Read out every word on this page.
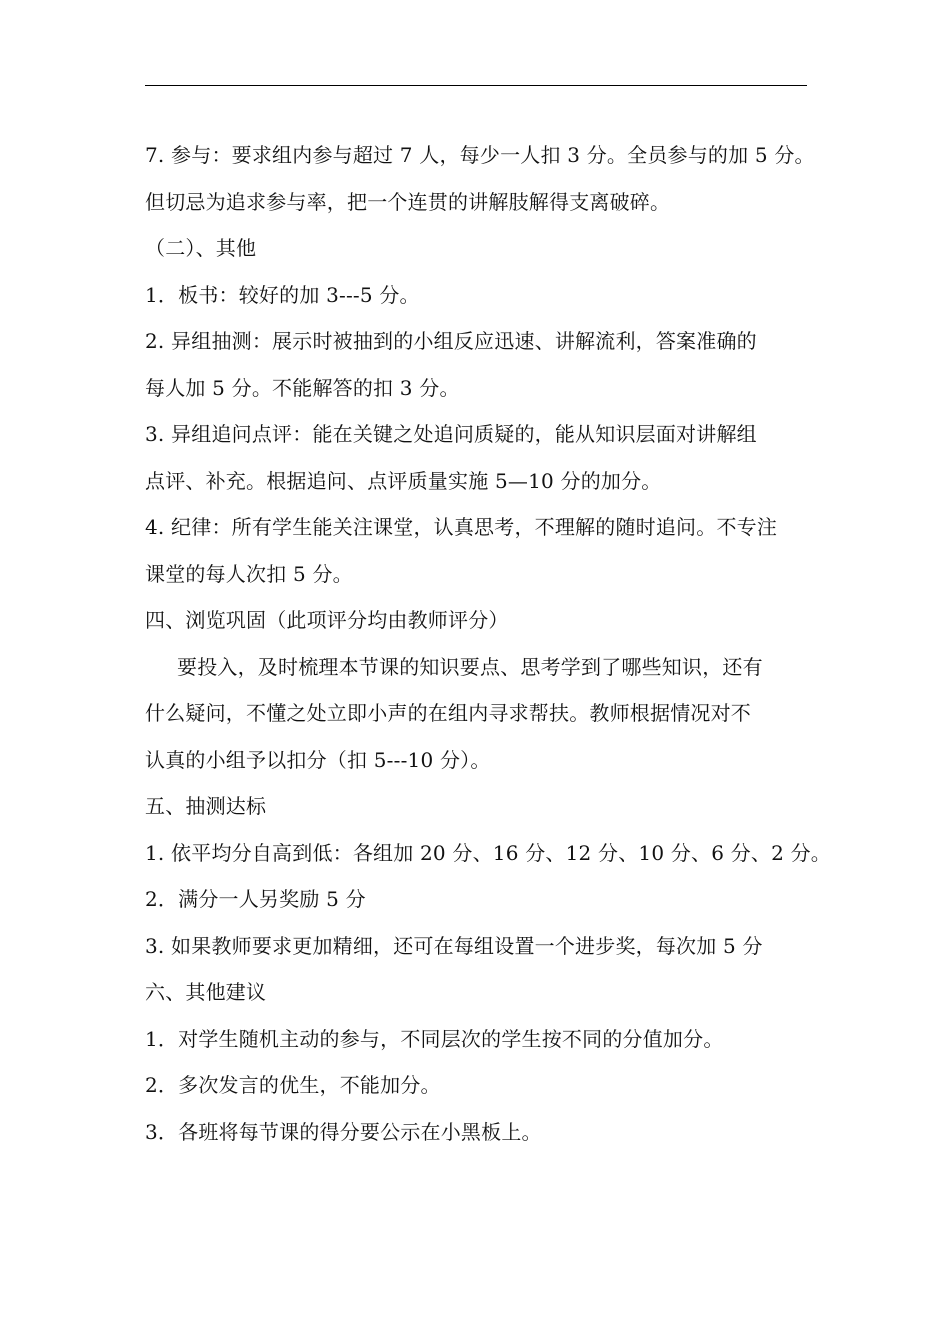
7. 参与：要求组内参与超过 7 人，每少一人扣 3 分。全员参与的加 5 分。
但切忌为追求参与率，把一个连贯的讲解肢解得支离破碎。
（二）、其他
1．板书：较好的加 3---5 分。
2. 异组抽测：展示时被抽到的小组反应迅速、讲解流利，答案准确的
每人加 5 分。不能解答的扣 3 分。
3. 异组追问点评：能在关键之处追问质疑的，能从知识层面对讲解组
点评、补充。根据追问、点评质量实施 5—10 分的加分。
4. 纪律：所有学生能关注课堂，认真思考，不理解的随时追问。不专注
课堂的每人次扣 5 分。
四、浏览巩固（此项评分均由教师评分）
要投入，及时梳理本节课的知识要点、思考学到了哪些知识，还有
什么疑问，不懂之处立即小声的在组内寻求帮扶。教师根据情况对不
认真的小组予以扣分（扣 5---10 分）。
五、抽测达标
1. 依平均分自高到低：各组加 20 分、16 分、12 分、10 分、6 分、2 分。
2．满分一人另奖励 5 分
3. 如果教师要求更加精细，还可在每组设置一个进步奖，每次加 5 分
六、其他建议
1．对学生随机主动的参与，不同层次的学生按不同的分值加分。
2．多次发言的优生，不能加分。
3．各班将每节课的得分要公示在小黑板上。
